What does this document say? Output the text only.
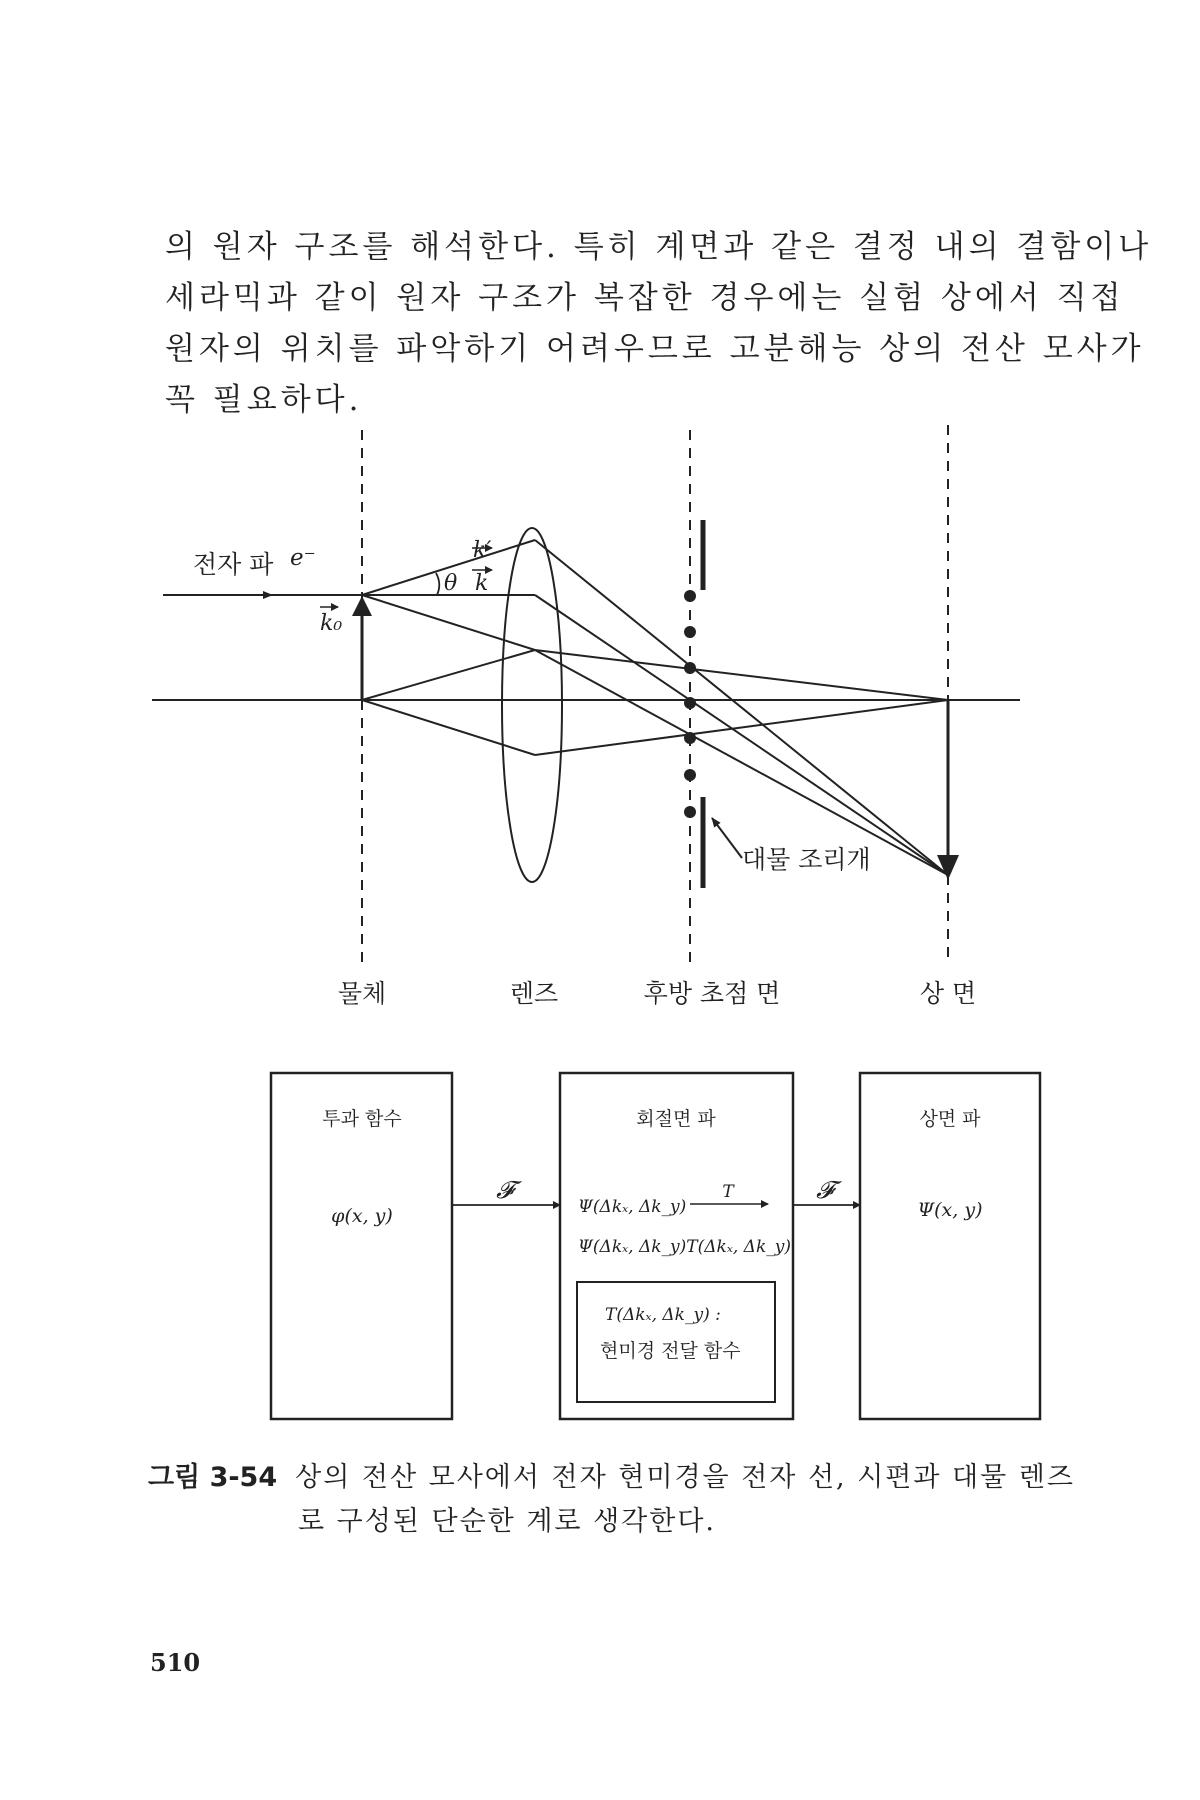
의 원자 구조를 해석한다. 특히 계면과 같은 결정 내의 결함이나
세라믹과 같이 원자 구조가 복잡한 경우에는 실험 상에서 직접
원자의 위치를 파악하기 어려우므로 고분해능 상의 전산 모사가
꼭 필요하다.
전자 파 e⁻	k′
θ k
k₀
대물 조리개
물체	렌즈	후방 초점 면	상 면
투과 함수
φ(x, y)
회절면 파
Ψ(Δkₓ, Δk_y)
Ψ(Δkₓ, Δk_y)T(Δkₓ, Δk_y)
T(Δkₓ, Δk_y) :
현미경 전달 함수
상면 파
Ψ(x, y)
𝓕	𝓕
T
그림 3-54 상의 전산 모사에서 전자 현미경을 전자 선, 시편과 대물 렌즈
로 구성된 단순한 계로 생각한다.
510
